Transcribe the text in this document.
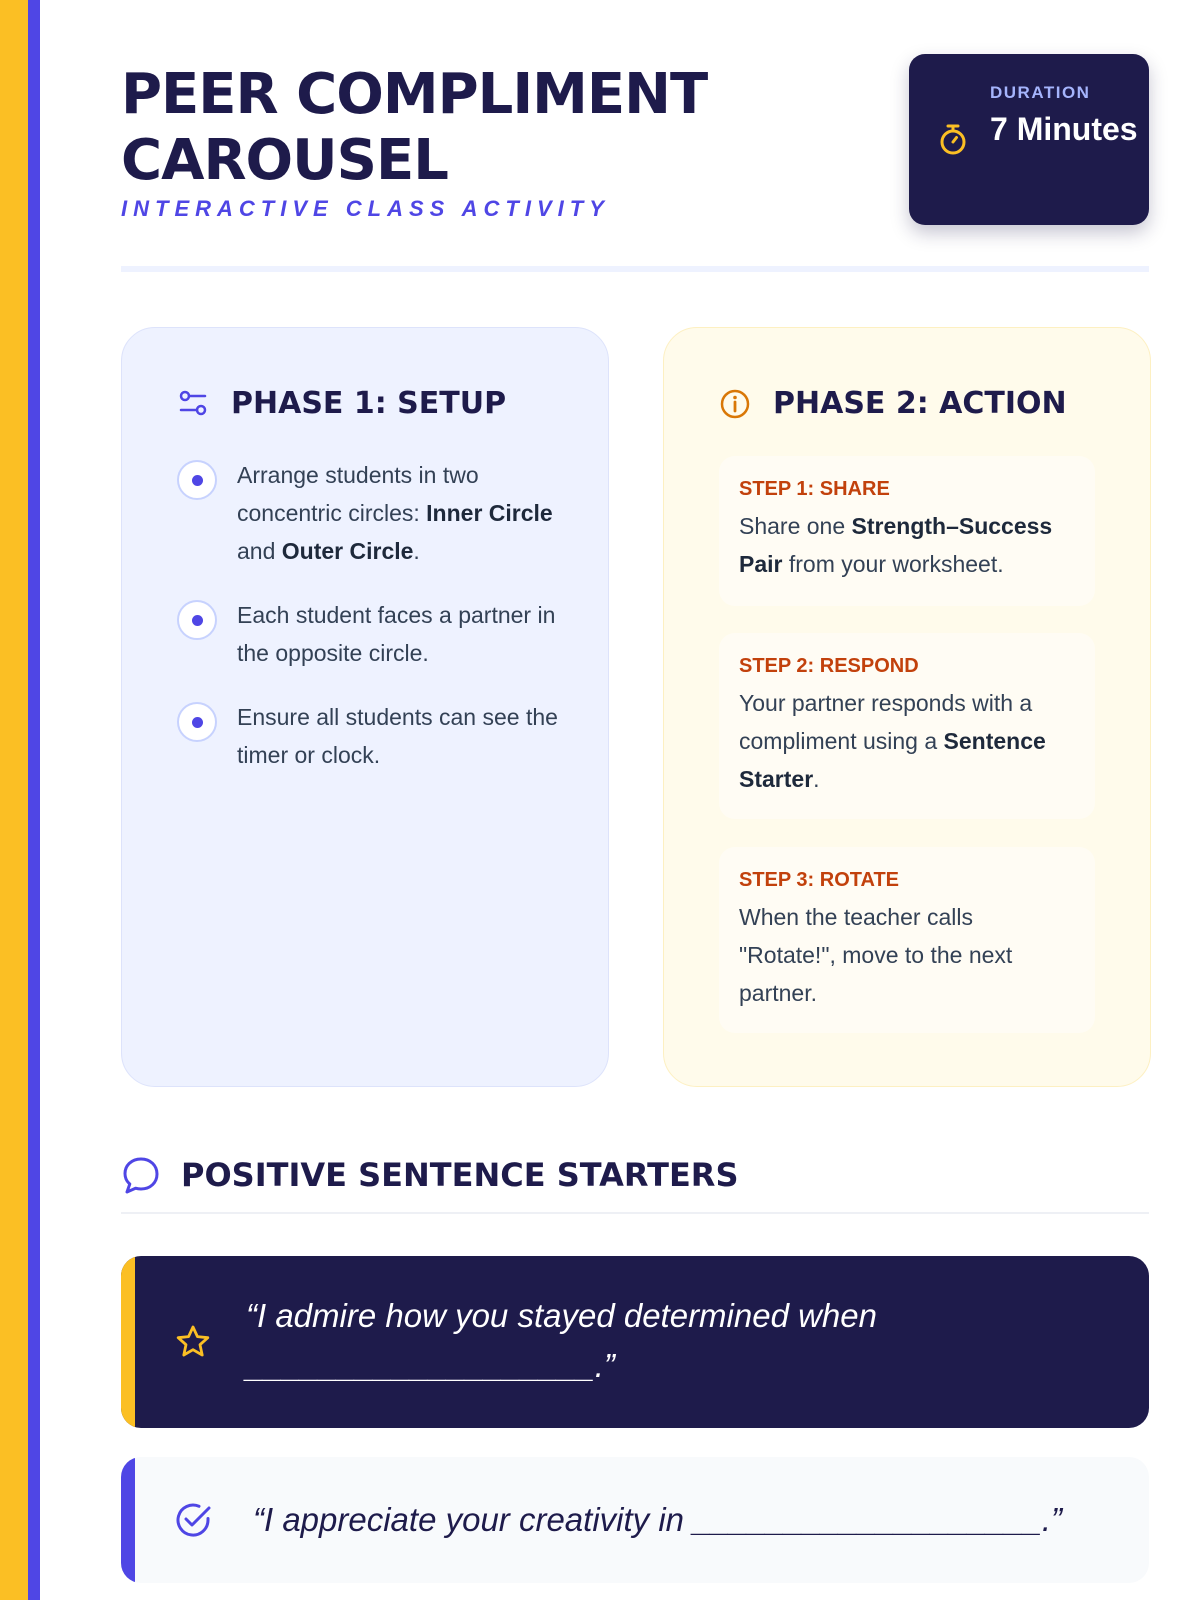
PEER COMPLIMENT
CAROUSEL
INTERACTIVE CLASS ACTIVITY
DURATION
7 Minutes
PHASE 1: SETUP
Arrange students in two concentric circles: Inner Circle and Outer Circle.
Each student faces a partner in the opposite circle.
Ensure all students can see the timer or clock.
PHASE 2: ACTION
STEP 1: SHARE
Share one Strength–Success Pair from your worksheet.
STEP 2: RESPOND
Your partner responds with a compliment using a Sentence Starter.
STEP 3: ROTATE
When the teacher calls "Rotate!", move to the next partner.
POSITIVE SENTENCE STARTERS
“I admire how you stayed determined when ___________________.”
“I appreciate your creativity in ___________________.”
